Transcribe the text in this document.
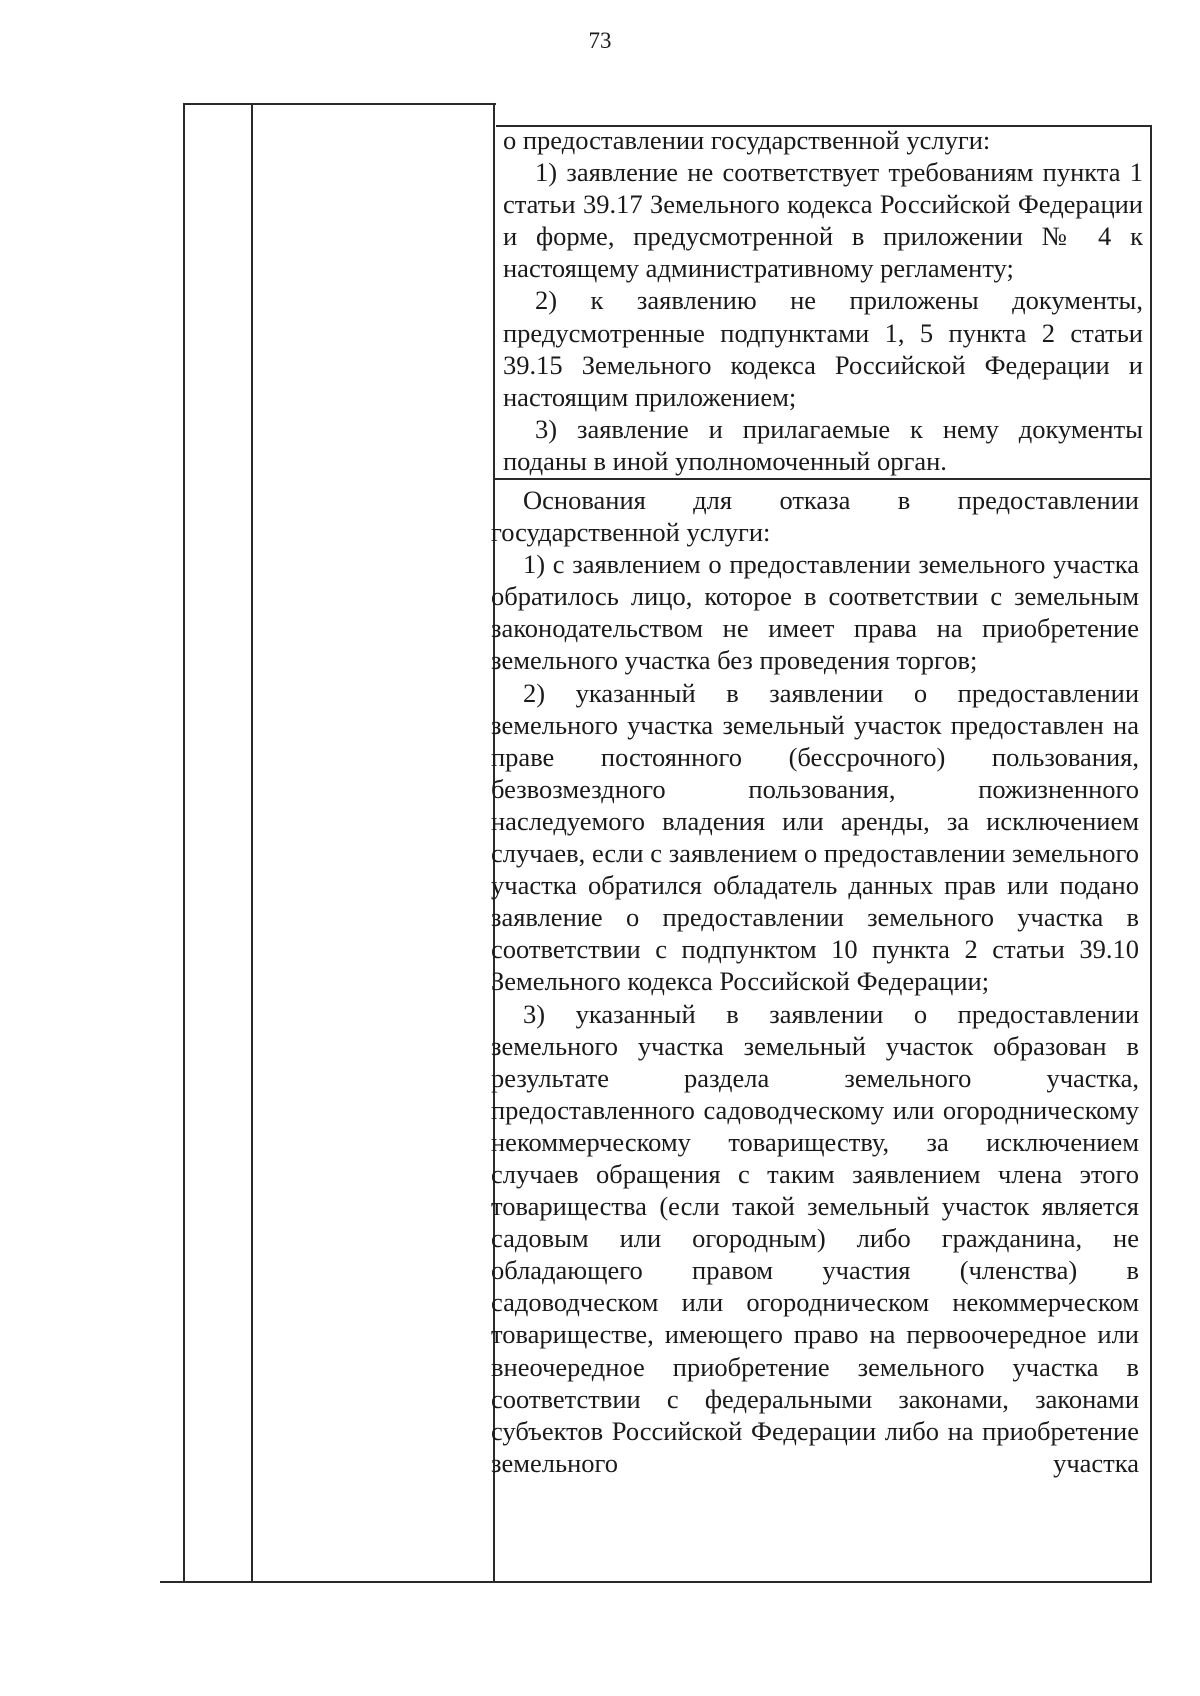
73

о предоставлении государственной услуги:

1) заявление не соответствует требованиям пункта 1 статьи 39.17 Земельного кодекса Российской Федерации и форме, предусмотренной в приложении № 4 к настоящему административному регламенту;

2) к заявлению не приложены документы, предусмотренные подпунктами 1, 5 пункта 2 статьи 39.15 Земельного кодекса Российской Федерации и настоящим приложением;

3) заявление и прилагаемые к нему документы поданы в иной уполномоченный орган.

Основания для отказа в предоставлении государственной услуги:

1) с заявлением о предоставлении земельного участка обратилось лицо, которое в соответствии с земельным законодательством не имеет права на приобретение земельного участка без проведения торгов;

2) указанный в заявлении о предоставлении земельного участка земельный участок предоставлен на праве постоянного (бессрочного) пользования, безвозмездного пользования, пожизненного наследуемого владения или аренды, за исключением случаев, если с заявлением о предоставлении земельного участка обратился обладатель данных прав или подано заявление о предоставлении земельного участка в соответствии с подпунктом 10 пункта 2 статьи 39.10 Земельного кодекса Российской Федерации;

3) указанный в заявлении о предоставлении земельного участка земельный участок образован в результате раздела земельного участка, предоставленного садоводческому или огородническому некоммерческому товариществу, за исключением случаев обращения с таким заявлением члена этого товарищества (если такой земельный участок является садовым или огородным) либо гражданина, не обладающего правом участия (членства) в садоводческом или огородническом некоммерческом товариществе, имеющего право на первоочередное или внеочередное приобретение земельного участка в соответствии с федеральными законами, законами субъектов Российской Федерации либо на приобретение земельного участка
